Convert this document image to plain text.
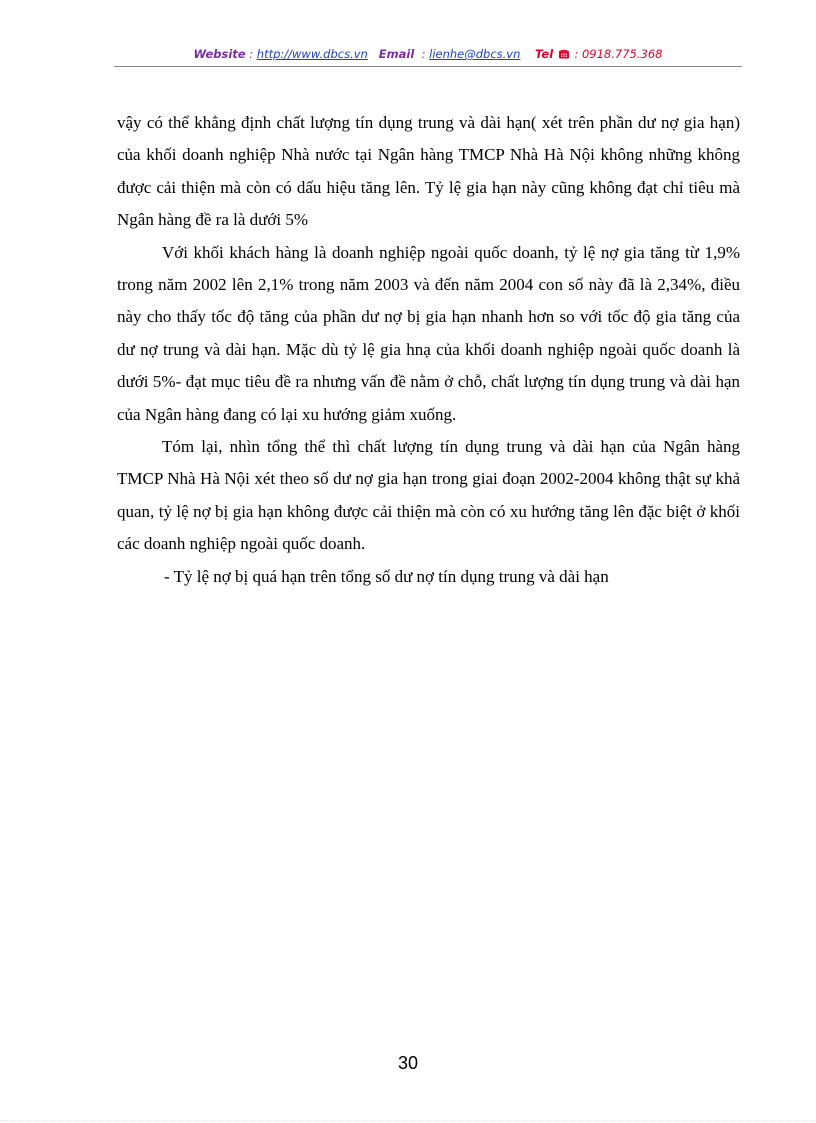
Website : http://www.dbcs.vn Email : lienhe@dbcs.vn Tel : 0918.775.368

vậy có thể khẳng định chất lượng tín dụng trung và dài hạn( xét trên phần dư nợ gia hạn) của khối doanh nghiệp Nhà nước tại Ngân hàng TMCP Nhà Hà Nội không những không được cải thiện mà còn có dấu hiệu tăng lên. Tỷ lệ gia hạn này cũng không đạt chỉ tiêu mà Ngân hàng đề ra là dưới 5%

Với khối khách hàng là doanh nghiệp ngoài quốc doanh, tỷ lệ nợ gia tăng từ 1,9% trong năm 2002 lên 2,1% trong năm 2003 và đến năm 2004 con số này đã là 2,34%, điều này cho thấy tốc độ tăng của phần dư nợ bị gia hạn nhanh hơn so với tốc độ gia tăng của dư nợ trung và dài hạn. Mặc dù tỷ lệ gia hnạ của khối doanh nghiệp ngoài quốc doanh là dưới 5%- đạt mục tiêu đề ra nhưng vấn đề nằm ở chỗ, chất lượng tín dụng trung và dài hạn của Ngân hàng đang có lại xu hướng giảm xuống.

Tóm lại, nhìn tổng thể thì chất lượng tín dụng trung và dài hạn của Ngân hàng TMCP Nhà Hà Nội xét theo số dư nợ gia hạn trong giai đoạn 2002-2004 không thật sự khả quan, tỷ lệ nợ bị gia hạn không được cải thiện mà còn có xu hướng tăng lên đặc biệt ở khối các doanh nghiệp ngoài quốc doanh.

- Tỷ lệ nợ bị quá hạn trên tổng số dư nợ tín dụng trung và dài hạn

30
